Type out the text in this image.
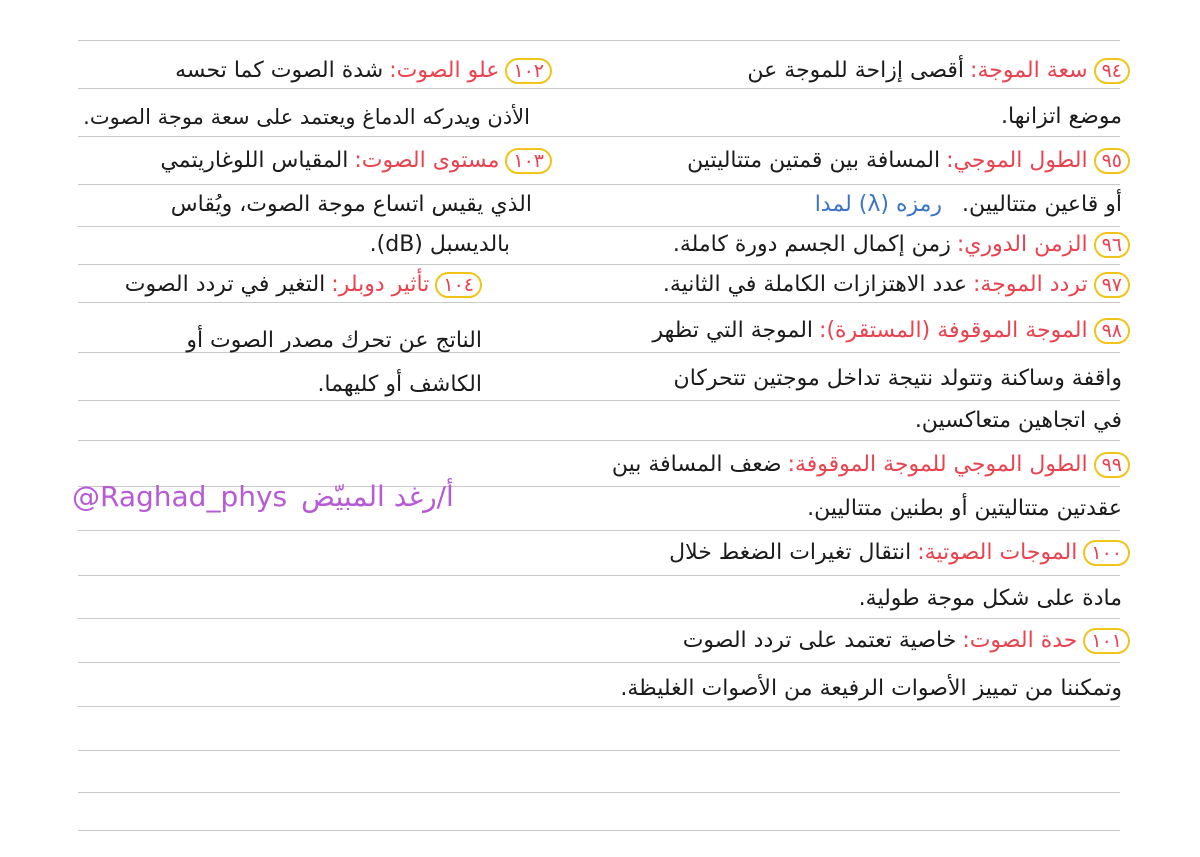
٩٤
سعة الموجة:
أقصى إزاحة للموجة عن
موضع اتزانها.
٩٥
الطول الموجي:
المسافة بين قمتين متتاليتين
أو قاعين متتاليين.
رمزه (λ) لمدا
٩٦
الزمن الدوري:
زمن إكمال الجسم دورة كاملة.
٩٧
تردد الموجة:
عدد الاهتزازات الكاملة في الثانية.
٩٨
الموجة الموقوفة (المستقرة):
الموجة التي تظهر
واقفة وساكنة وتتولد نتيجة تداخل موجتين تتحركان
في اتجاهين متعاكسين.
٩٩
الطول الموجي للموجة الموقوفة:
ضعف المسافة بين
عقدتين متتاليتين أو بطنين متتاليين.
١٠٠
الموجات الصوتية:
انتقال تغيرات الضغط خلال
مادة على شكل موجة طولية.
١٠١
حدة الصوت:
خاصية تعتمد على تردد الصوت
وتمكننا من تمييز الأصوات الرفيعة من الأصوات الغليظة.
١٠٢
علو الصوت:
شدة الصوت كما تحسه
الأذن ويدركه الدماغ ويعتمد على سعة موجة الصوت.
١٠٣
مستوى الصوت:
المقياس اللوغاريتمي
الذي يقيس اتساع موجة الصوت، ويُقاس
بالديسبل (dB).
١٠٤
تأثير دوبلر:
التغير في تردد الصوت
الناتج عن تحرك مصدر الصوت أو
الكاشف أو كليهما.
أ/رغد المبيّض
@Raghad_phys
